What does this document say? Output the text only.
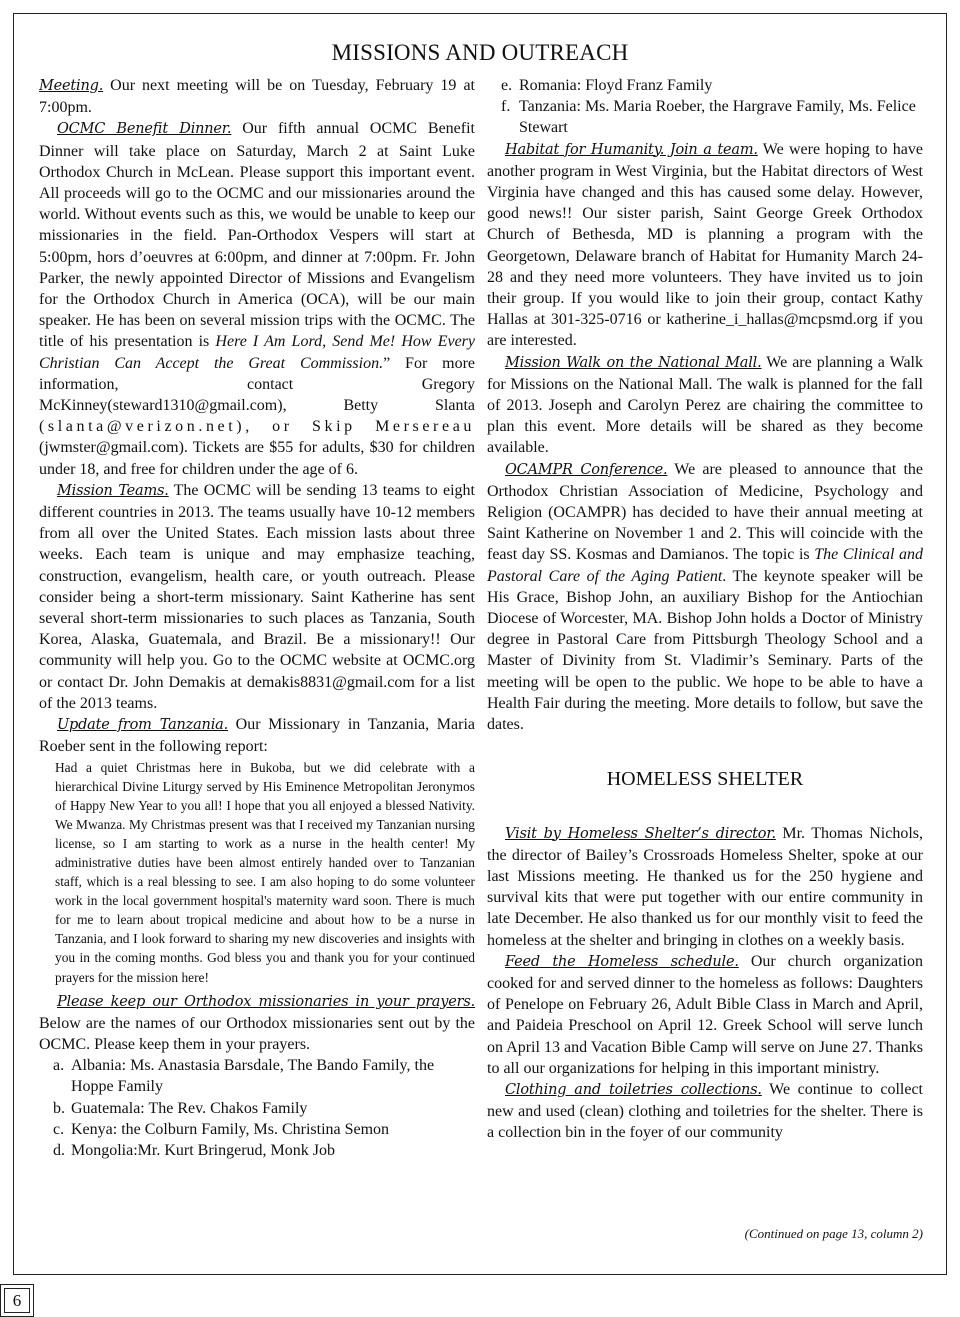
MISSIONS AND OUTREACH

Meeting. Our next meeting will be on Tuesday, February 19 at 7:00pm.

OCMC Benefit Dinner. Our fifth annual OCMC Benefit Dinner will take place on Saturday, March 2 at Saint Luke Orthodox Church in McLean. Please support this important event. All proceeds will go to the OCMC and our missionaries around the world. Without events such as this, we would be unable to keep our missionaries in the field. Pan-Orthodox Vespers will start at 5:00pm, hors d’oeuvres at 6:00pm, and dinner at 7:00pm. Fr. John Parker, the newly appointed Director of Missions and Evangelism for the Orthodox Church in America (OCA), will be our main speaker. He has been on several mission trips with the OCMC. The title of his presentation is Here I Am Lord, Send Me! How Every Christian Can Accept the Great Commission.” For more information, contact Gregory McKinney(steward1310@gmail.com), Betty Slanta (slanta@verizon.net), or Skip Mersereau (jwmster@gmail.com). Tickets are $55 for adults, $30 for children under 18, and free for children under the age of 6.

Mission Teams. The OCMC will be sending 13 teams to eight different countries in 2013. The teams usually have 10-12 members from all over the United States. Each mission lasts about three weeks. Each team is unique and may emphasize teaching, construction, evangelism, health care, or youth outreach. Please consider being a short-term missionary. Saint Katherine has sent several short-term missionaries to such places as Tanzania, South Korea, Alaska, Guatemala, and Brazil. Be a missionary!! Our community will help you. Go to the OCMC website at OCMC.org or contact Dr. John Demakis at demakis8831@gmail.com for a list of the 2013 teams.

Update from Tanzania. Our Missionary in Tanzania, Maria Roeber sent in the following report:

Had a quiet Christmas here in Bukoba, but we did celebrate with a hierarchical Divine Liturgy served by His Eminence Metropolitan Jeronymos of Happy New Year to you all! I hope that you all enjoyed a blessed Nativity. We Mwanza. My Christmas present was that I received my Tanzanian nursing license, so I am starting to work as a nurse in the health center! My administrative duties have been almost entirely handed over to Tanzanian staff, which is a real blessing to see. I am also hoping to do some volunteer work in the local government hospital's maternity ward soon. There is much for me to learn about tropical medicine and about how to be a nurse in Tanzania, and I look forward to sharing my new discoveries and insights with you in the coming months. God bless you and thank you for your continued prayers for the mission here!

Please keep our Orthodox missionaries in your prayers. Below are the names of our Orthodox missionaries sent out by the OCMC. Please keep them in your prayers.

a. Albania: Ms. Anastasia Barsdale, The Bando Family, the Hoppe Family
b. Guatemala: The Rev. Chakos Family
c. Kenya: the Colburn Family, Ms. Christina Semon
d. Mongolia:Mr. Kurt Bringerud, Monk Job
e. Romania: Floyd Franz Family
f. Tanzania: Ms. Maria Roeber, the Hargrave Family, Ms. Felice Stewart

Habitat for Humanity. Join a team. We were hoping to have another program in West Virginia, but the Habitat directors of West Virginia have changed and this has caused some delay. However, good news!! Our sister parish, Saint George Greek Orthodox Church of Bethesda, MD is planning a program with the Georgetown, Delaware branch of Habitat for Humanity March 24-28 and they need more volunteers. They have invited us to join their group. If you would like to join their group, contact Kathy Hallas at 301-325-0716 or katherine_i_hallas@mcpsmd.org if you are interested.

Mission Walk on the National Mall. We are planning a Walk for Missions on the National Mall. The walk is planned for the fall of 2013. Joseph and Carolyn Perez are chairing the committee to plan this event. More details will be shared as they become available.

OCAMPR Conference. We are pleased to announce that the Orthodox Christian Association of Medicine, Psychology and Religion (OCAMPR) has decided to have their annual meeting at Saint Katherine on November 1 and 2. This will coincide with the feast day SS. Kosmas and Damianos. The topic is The Clinical and Pastoral Care of the Aging Patient. The keynote speaker will be His Grace, Bishop John, an auxiliary Bishop for the Antiochian Diocese of Worcester, MA. Bishop John holds a Doctor of Ministry degree in Pastoral Care from Pittsburgh Theology School and a Master of Divinity from St. Vladimir’s Seminary. Parts of the meeting will be open to the public. We hope to be able to have a Health Fair during the meeting. More details to follow, but save the dates.

HOMELESS SHELTER

Visit by Homeless Shelter’s director. Mr. Thomas Nichols, the director of Bailey’s Crossroads Homeless Shelter, spoke at our last Missions meeting. He thanked us for the 250 hygiene and survival kits that were put together with our entire community in late December. He also thanked us for our monthly visit to feed the homeless at the shelter and bringing in clothes on a weekly basis.

Feed the Homeless schedule. Our church organization cooked for and served dinner to the homeless as follows: Daughters of Penelope on February 26, Adult Bible Class in March and April, and Paideia Preschool on April 12. Greek School will serve lunch on April 13 and Vacation Bible Camp will serve on June 27. Thanks to all our organizations for helping in this important ministry.

Clothing and toiletries collections. We continue to collect new and used (clean) clothing and toiletries for the shelter. There is a collection bin in the foyer of our community

(Continued on page 13, column 2)
6
